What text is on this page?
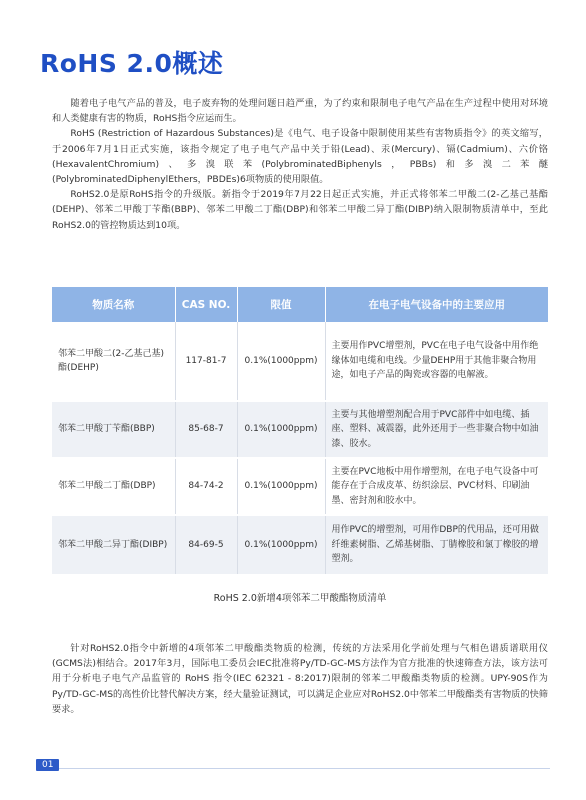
RoHS 2.0概述

随着电子电气产品的普及，电子废弃物的处理问题日趋严重，为了约束和限制电子电气产品在生产过程中使用对环境和人类健康有害的物质，RoHS指令应运而生。

RoHS (Restriction of Hazardous Substances)是《电气、电子设备中限制使用某些有害物质指令》的英文缩写，于2006年7月1日正式实施，该指令规定了电子电气产品中关于铅(Lead)、汞(Mercury)、镉(Cadmium)、六价铬(HexavalentChromium)、多溴联苯(PolybrominatedBiphenyls，PBBs)和多溴二苯醚(PolybrominatedDiphenylEthers，PBDEs)6项物质的使用限值。

RoHS2.0是原RoHS指令的升级版。新指令于2019年7月22日起正式实施，并正式将邻苯二甲酸二(2-乙基己基酯(DEHP)、邻苯二甲酸丁苄酯(BBP)、邻苯二甲酸二丁酯(DBP)和邻苯二甲酸二异丁酯(DIBP)纳入限制物质清单中，至此RoHS2.0的管控物质达到10项。

物质名称	CAS NO.	限值	在电子电气设备中的主要应用
邻苯二甲酸二(2-乙基己基)酯(DEHP)	117-81-7	0.1%(1000ppm)	主要用作PVC增塑剂，PVC在电子电气设备中用作绝缘体如电缆和电线。少量DEHP用于其他非聚合物用途，如电子产品的陶瓷或容器的电解液。
邻苯二甲酸丁苄酯(BBP)	85-68-7	0.1%(1000ppm)	主要与其他增塑剂配合用于PVC部件中如电缆、插座、塑料、减震器，此外还用于一些非聚合物中如油漆、胶水。
邻苯二甲酸二丁酯(DBP)	84-74-2	0.1%(1000ppm)	主要在PVC地板中用作增塑剂，在电子电气设备中可能存在于合成皮革、纺织涂层、PVC材料、印刷油墨、密封剂和胶水中。
邻苯二甲酸二异丁酯(DIBP)	84-69-5	0.1%(1000ppm)	用作PVC的增塑剂，可用作DBP的代用品，还可用做纤维素树脂、乙烯基树脂、丁腈橡胶和氯丁橡胶的增塑剂。
RoHS 2.0新增4项邻苯二甲酸酯物质清单

针对RoHS2.0指令中新增的4项邻苯二甲酸酯类物质的检测，传统的方法采用化学前处理与气相色谱质谱联用仪(GCMS法)相结合。2017年3月，国际电工委员会IEC批准将Py/TD-GC-MS方法作为官方批准的快速筛查方法，该方法可用于分析电子电气产品监管的 RoHS 指令(IEC 62321 - 8:2017)限制的邻苯二甲酸酯类物质的检测。UPY-90S作为Py/TD-GC-MS的高性价比替代解决方案，经大量验证测试，可以满足企业应对RoHS2.0中邻苯二甲酸酯类有害物质的快筛要求。

01
